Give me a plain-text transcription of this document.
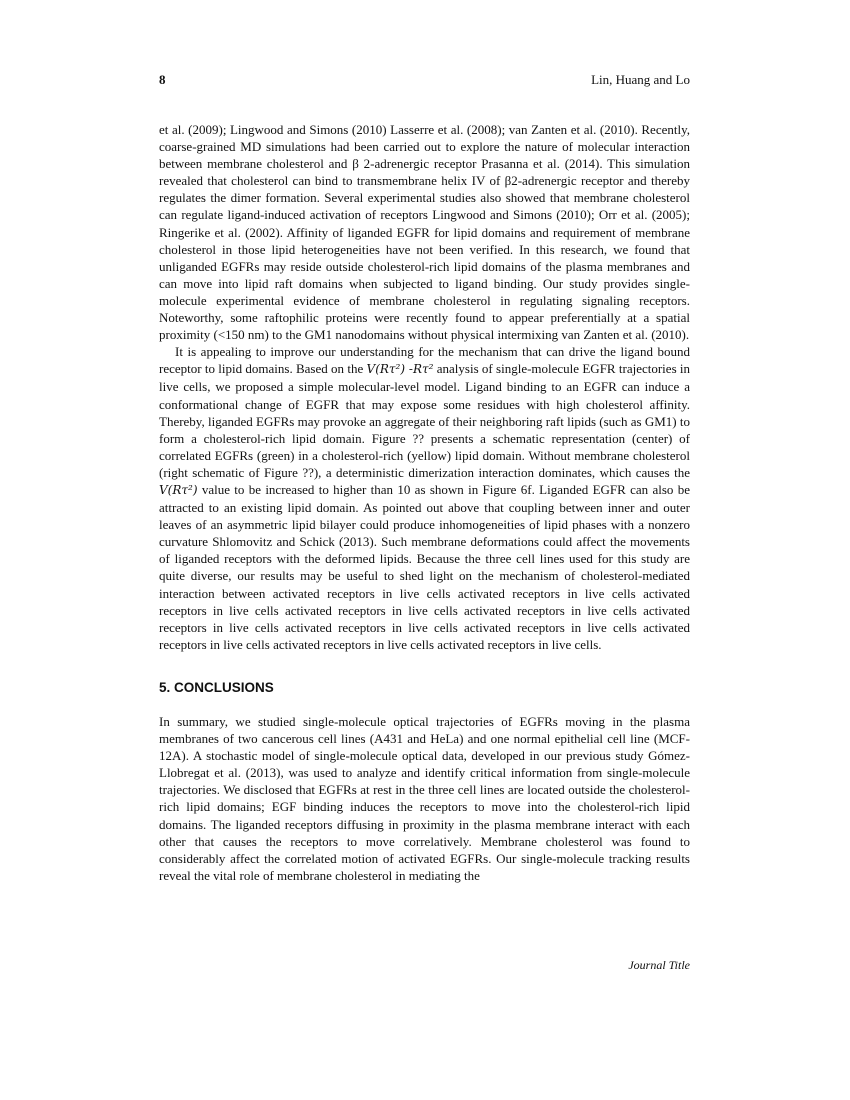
8	Lin, Huang and Lo

et al. (2009); Lingwood and Simons (2010) Lasserre et al. (2008); van Zanten et al. (2010). Recently, coarse-grained MD simulations had been carried out to explore the nature of molecular interaction between membrane cholesterol and β 2-adrenergic receptor Prasanna et al. (2014). This simulation revealed that cholesterol can bind to transmembrane helix IV of β2-adrenergic receptor and thereby regulates the dimer formation. Several experimental studies also showed that membrane cholesterol can regulate ligand-induced activation of receptors Lingwood and Simons (2010); Orr et al. (2005); Ringerike et al. (2002). Affinity of liganded EGFR for lipid domains and requirement of membrane cholesterol in those lipid heterogeneities have not been verified. In this research, we found that unliganded EGFRs may reside outside cholesterol-rich lipid domains of the plasma membranes and can move into lipid raft domains when subjected to ligand binding. Our study provides single-molecule experimental evidence of membrane cholesterol in regulating signaling receptors. Noteworthy, some raftophilic proteins were recently found to appear preferentially at a spatial proximity (<150 nm) to the GM1 nanodomains without physical intermixing van Zanten et al. (2010).

It is appealing to improve our understanding for the mechanism that can drive the ligand bound receptor to lipid domains. Based on the V(Rτ²) -Rτ² analysis of single-molecule EGFR trajectories in live cells, we proposed a simple molecular-level model. Ligand binding to an EGFR can induce a conformational change of EGFR that may expose some residues with high cholesterol affinity. Thereby, liganded EGFRs may provoke an aggregate of their neighboring raft lipids (such as GM1) to form a cholesterol-rich lipid domain. Figure ?? presents a schematic representation (center) of correlated EGFRs (green) in a cholesterol-rich (yellow) lipid domain. Without membrane cholesterol (right schematic of Figure ??), a deterministic dimerization interaction dominates, which causes the V(Rτ²) value to be increased to higher than 10 as shown in Figure 6f. Liganded EGFR can also be attracted to an existing lipid domain. As pointed out above that coupling between inner and outer leaves of an asymmetric lipid bilayer could produce inhomogeneities of lipid phases with a nonzero curvature Shlomovitz and Schick (2013). Such membrane deformations could affect the movements of liganded receptors with the deformed lipids. Because the three cell lines used for this study are quite diverse, our results may be useful to shed light on the mechanism of cholesterol-mediated interaction between activated receptors in live cells activated receptors in live cells activated receptors in live cells activated receptors in live cells activated receptors in live cells activated receptors in live cells activated receptors in live cells activated receptors in live cells activated receptors in live cells activated receptors in live cells activated receptors in live cells.

5. CONCLUSIONS

In summary, we studied single-molecule optical trajectories of EGFRs moving in the plasma membranes of two cancerous cell lines (A431 and HeLa) and one normal epithelial cell line (MCF-12A). A stochastic model of single-molecule optical data, developed in our previous study Gómez-Llobregat et al. (2013), was used to analyze and identify critical information from single-molecule trajectories. We disclosed that EGFRs at rest in the three cell lines are located outside the cholesterol-rich lipid domains; EGF binding induces the receptors to move into the cholesterol-rich lipid domains. The liganded receptors diffusing in proximity in the plasma membrane interact with each other that causes the receptors to move correlatively. Membrane cholesterol was found to considerably affect the correlated motion of activated EGFRs. Our single-molecule tracking results reveal the vital role of membrane cholesterol in mediating the

Journal Title
